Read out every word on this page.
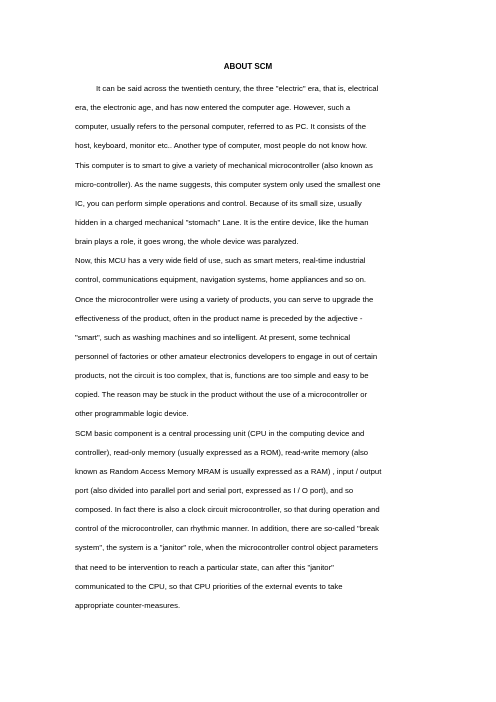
ABOUT SCM
It can be said across the twentieth century, the three "electric" era, that is, electrical
era, the electronic age, and has now entered the computer age. However, such a
computer, usually refers to the personal computer, referred to as PC. It consists of the
host, keyboard, monitor etc.. Another type of computer, most people do not know how.
This computer is to smart to give a variety of mechanical microcontroller (also known as
micro-controller). As the name suggests, this computer system only used the smallest one
IC, you can perform simple operations and control. Because of its small size, usually
hidden in a charged mechanical "stomach" Lane. It is the entire device, like the human
brain plays a role, it goes wrong, the whole device was paralyzed.
Now, this MCU has a very wide field of use, such as smart meters, real-time industrial
control, communications equipment, navigation systems, home appliances and so on.
Once the microcontroller were using a variety of products, you can serve to upgrade the
effectiveness of the product, often in the product name is preceded by the adjective -
"smart", such as washing machines and so intelligent. At present, some technical
personnel of factories or other amateur electronics developers to engage in out of certain
products, not the circuit is too complex, that is, functions are too simple and easy to be
copied. The reason may be stuck in the product without the use of a microcontroller or
other programmable logic device.
SCM basic component is a central processing unit (CPU in the computing device and
controller), read-only memory (usually expressed as a ROM), read-write memory (also
known as Random Access Memory MRAM is usually expressed as a RAM) , input / output
port (also divided into parallel port and serial port, expressed as I / O port), and so
composed. In fact there is also a clock circuit microcontroller, so that during operation and
control of the microcontroller, can rhythmic manner. In addition, there are so-called "break
system", the system is a "janitor" role, when the microcontroller control object parameters
that need to be intervention to reach a particular state, can after this "janitor"
communicated to the CPU, so that CPU priorities of the external events to take
appropriate counter-measures.
